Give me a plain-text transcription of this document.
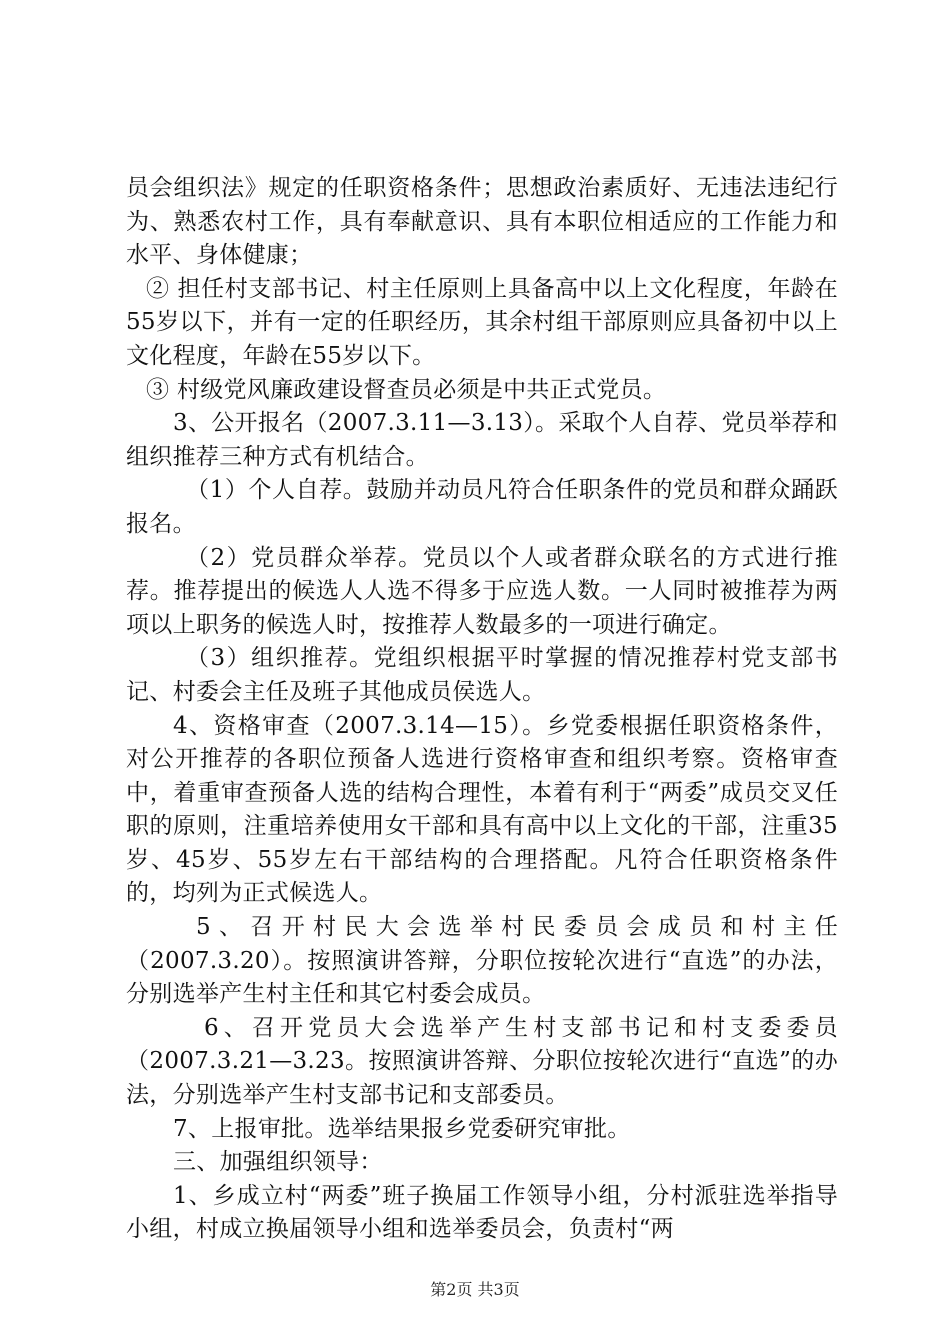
员会组织法》规定的任职资格条件；思想政治素质好、无违法违纪行为、熟悉农村工作，具有奉献意识、具有本职位相适应的工作能力和水平、身体健康；

② 担任村支部书记、村主任原则上具备高中以上文化程度，年龄在55岁以下，并有一定的任职经历，其余村组干部原则应具备初中以上文化程度，年龄在55岁以下。

③ 村级党风廉政建设督查员必须是中共正式党员。

3、公开报名（2007.3.11—3.13）。采取个人自荐、党员举荐和组织推荐三种方式有机结合。

（1）个人自荐。鼓励并动员凡符合任职条件的党员和群众踊跃报名。

（2）党员群众举荐。党员以个人或者群众联名的方式进行推荐。推荐提出的候选人人选不得多于应选人数。一人同时被推荐为两项以上职务的候选人时，按推荐人数最多的一项进行确定。

（3）组织推荐。党组织根据平时掌握的情况推荐村党支部书记、村委会主任及班子其他成员侯选人。

4、资格审查（2007.3.14—15）。乡党委根据任职资格条件，对公开推荐的各职位预备人选进行资格审查和组织考察。资格审查中，着重审查预备人选的结构合理性，本着有利于“两委”成员交叉任职的原则，注重培养使用女干部和具有高中以上文化的干部，注重35岁、45岁、55岁左右干部结构的合理搭配。凡符合任职资格条件的，均列为正式候选人。

5、召开村民大会选举村民委员会成员和村主任（2007.3.20）。按照演讲答辩，分职位按轮次进行“直选”的办法，分别选举产生村主任和其它村委会成员。

6、召开党员大会选举产生村支部书记和村支委委员（2007.3.21—3.23。按照演讲答辩、分职位按轮次进行“直选”的办法，分别选举产生村支部书记和支部委员。

7、上报审批。选举结果报乡党委研究审批。

三、加强组织领导：

1、乡成立村“两委”班子换届工作领导小组，分村派驻选举指导小组，村成立换届领导小组和选举委员会，负责村“两

第2页 共3页
